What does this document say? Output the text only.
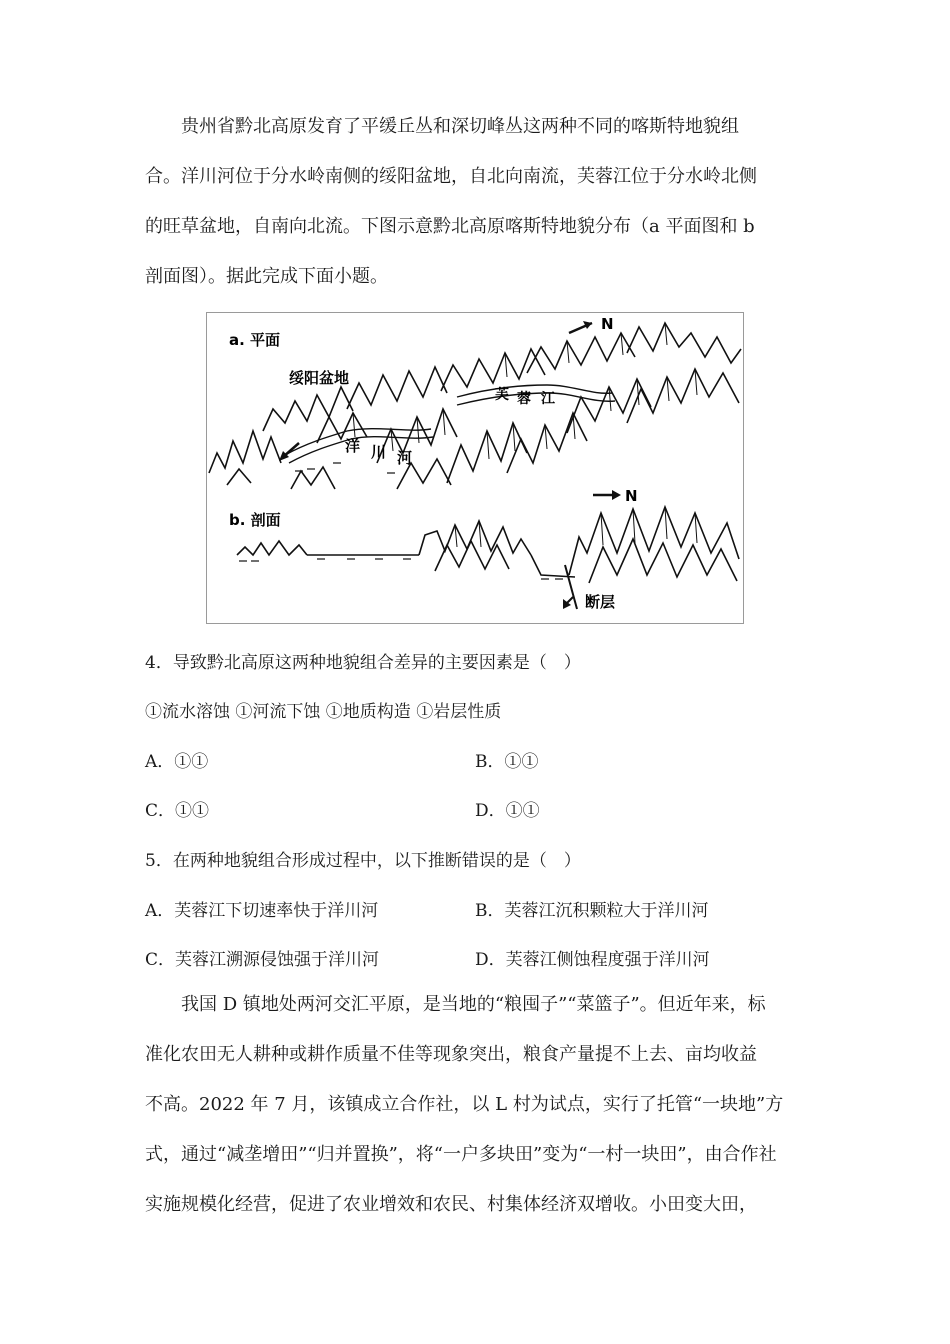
贵州省黔北高原发育了平缓丘丛和深切峰丛这两种不同的喀斯特地貌组
合。洋川河位于分水岭南侧的绥阳盆地，自北向南流，芙蓉江位于分水岭北侧
的旺草盆地，自南向北流。下图示意黔北高原喀斯特地貌分布（a 平面图和 b
剖面图）。据此完成下面小题。

a. 平面
绥阳盆地
b. 剖面
N
洋 川 河
芙 蓉 江
N
断层
4．导致黔北高原这两种地貌组合差异的主要因素是（　）
①流水溶蚀 ①河流下蚀 ①地质构造 ①岩层性质
A．①①	B．①①
C．①①	D．①①
5．在两种地貌组合形成过程中，以下推断错误的是（　）
A．芙蓉江下切速率快于洋川河	B．芙蓉江沉积颗粒大于洋川河
C．芙蓉江溯源侵蚀强于洋川河	D．芙蓉江侧蚀程度强于洋川河

我国 D 镇地处两河交汇平原，是当地的“粮囤子”“菜篮子”。但近年来，标
准化农田无人耕种或耕作质量不佳等现象突出，粮食产量提不上去、亩均收益
不高。2022 年 7 月，该镇成立合作社，以 L 村为试点，实行了托管“一块地”方
式，通过“减垄增田”“归并置换”，将“一户多块田”变为“一村一块田”，由合作社
实施规模化经营，促进了农业增效和农民、村集体经济双增收。小田变大田，
